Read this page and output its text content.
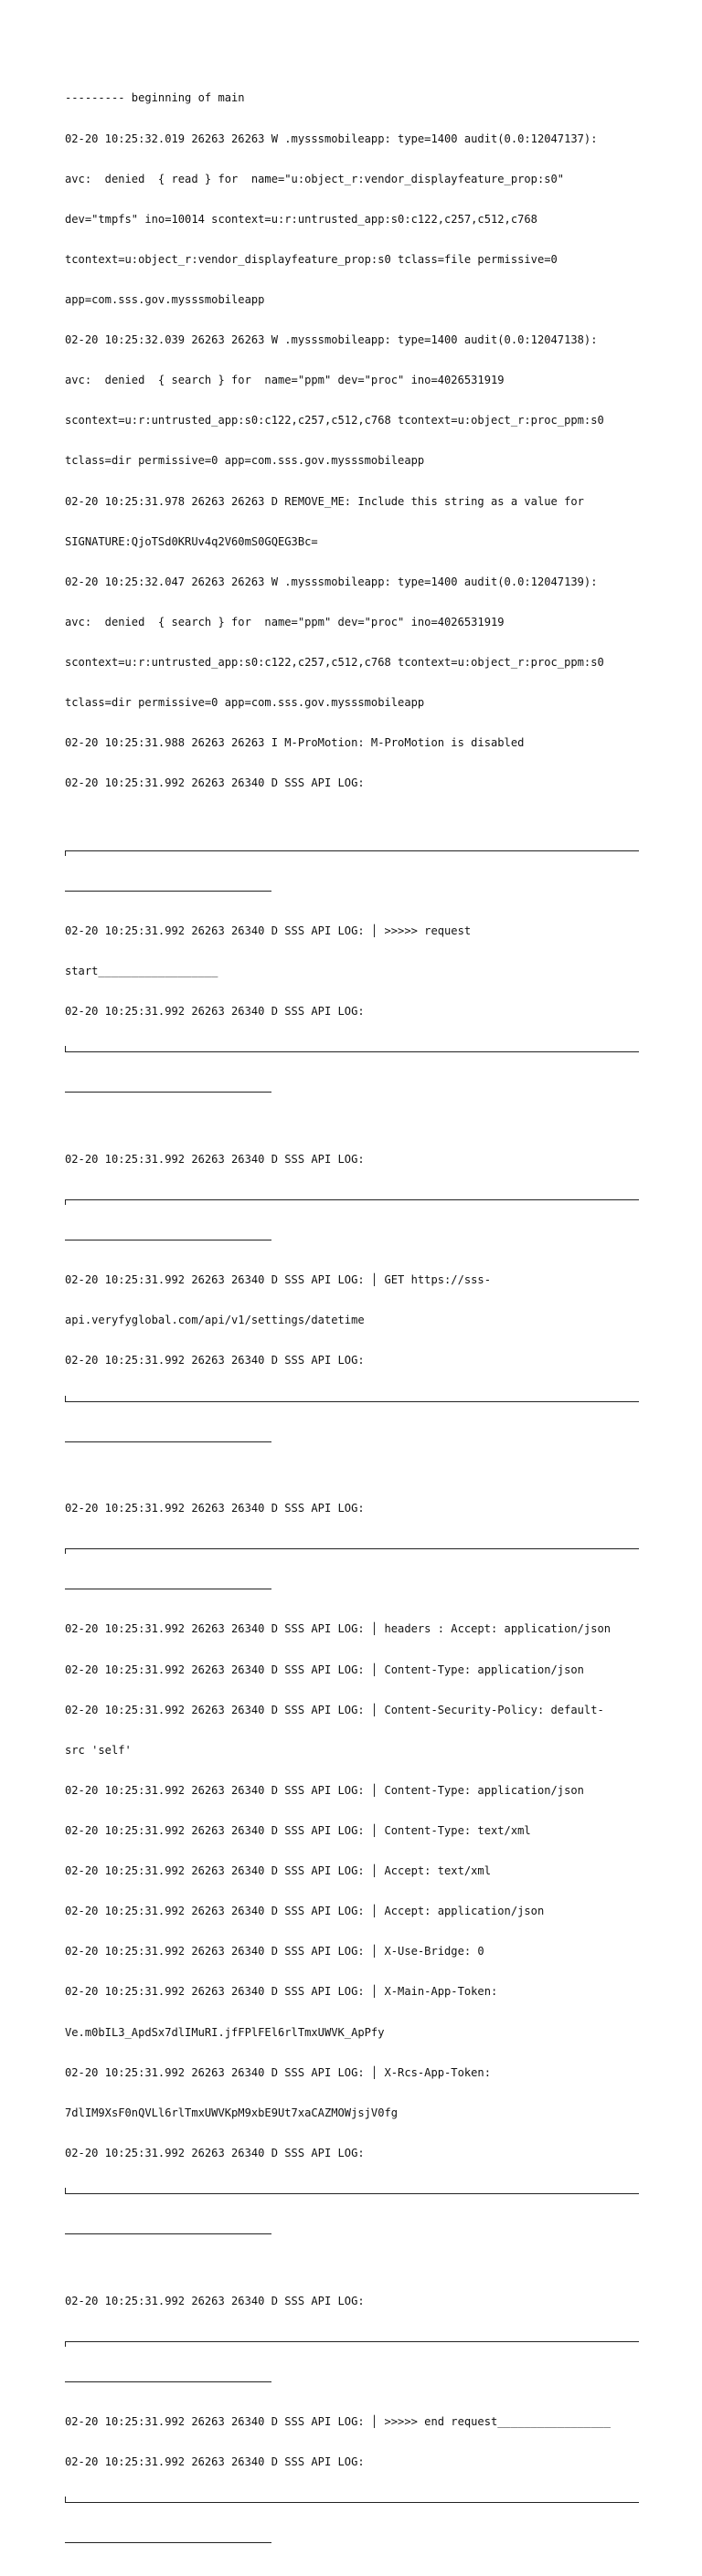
--------- beginning of main

02-20 10:25:32.019 26263 26263 W .mysssmobileapp: type=1400 audit(0.0:12047137):

avc:  denied  { read } for  name="u:object_r:vendor_displayfeature_prop:s0"

dev="tmpfs" ino=10014 scontext=u:r:untrusted_app:s0:c122,c257,c512,c768

tcontext=u:object_r:vendor_displayfeature_prop:s0 tclass=file permissive=0

app=com.sss.gov.mysssmobileapp

02-20 10:25:32.039 26263 26263 W .mysssmobileapp: type=1400 audit(0.0:12047138):

avc:  denied  { search } for  name="ppm" dev="proc" ino=4026531919

scontext=u:r:untrusted_app:s0:c122,c257,c512,c768 tcontext=u:object_r:proc_ppm:s0

tclass=dir permissive=0 app=com.sss.gov.mysssmobileapp

02-20 10:25:31.978 26263 26263 D REMOVE_ME: Include this string as a value for

SIGNATURE:QjoTSd0KRUv4q2V60mS0GQEG3Bc=

02-20 10:25:32.047 26263 26263 W .mysssmobileapp: type=1400 audit(0.0:12047139):

avc:  denied  { search } for  name="ppm" dev="proc" ino=4026531919

scontext=u:r:untrusted_app:s0:c122,c257,c512,c768 tcontext=u:object_r:proc_ppm:s0

tclass=dir permissive=0 app=com.sss.gov.mysssmobileapp

02-20 10:25:31.988 26263 26263 I M-ProMotion: M-ProMotion is disabled

02-20 10:25:31.992 26263 26340 D SSS API LOG:

02-20 10:25:31.992 26263 26340 D SSS API LOG: │ >>>>> request

start__________________

02-20 10:25:31.992 26263 26340 D SSS API LOG:

02-20 10:25:31.992 26263 26340 D SSS API LOG:

02-20 10:25:31.992 26263 26340 D SSS API LOG: │ GET https://sss-

api.veryfyglobal.com/api/v1/settings/datetime

02-20 10:25:31.992 26263 26340 D SSS API LOG:

02-20 10:25:31.992 26263 26340 D SSS API LOG:

02-20 10:25:31.992 26263 26340 D SSS API LOG: │ headers : Accept: application/json

02-20 10:25:31.992 26263 26340 D SSS API LOG: │ Content-Type: application/json

02-20 10:25:31.992 26263 26340 D SSS API LOG: │ Content-Security-Policy: default-

src 'self'

02-20 10:25:31.992 26263 26340 D SSS API LOG: │ Content-Type: application/json

02-20 10:25:31.992 26263 26340 D SSS API LOG: │ Content-Type: text/xml

02-20 10:25:31.992 26263 26340 D SSS API LOG: │ Accept: text/xml

02-20 10:25:31.992 26263 26340 D SSS API LOG: │ Accept: application/json

02-20 10:25:31.992 26263 26340 D SSS API LOG: │ X-Use-Bridge: 0

02-20 10:25:31.992 26263 26340 D SSS API LOG: │ X-Main-App-Token:

Ve.m0bIL3_ApdSx7dlIMuRI.jfFPlFEl6rlTmxUWVK_ApPfy

02-20 10:25:31.992 26263 26340 D SSS API LOG: │ X-Rcs-App-Token:

7dlIM9XsF0nQVLl6rlTmxUWVKpM9xbE9Ut7xaCAZMOWjsjV0fg

02-20 10:25:31.992 26263 26340 D SSS API LOG:

02-20 10:25:31.992 26263 26340 D SSS API LOG:

02-20 10:25:31.992 26263 26340 D SSS API LOG: │ >>>>> end request_________________

02-20 10:25:31.992 26263 26340 D SSS API LOG:
